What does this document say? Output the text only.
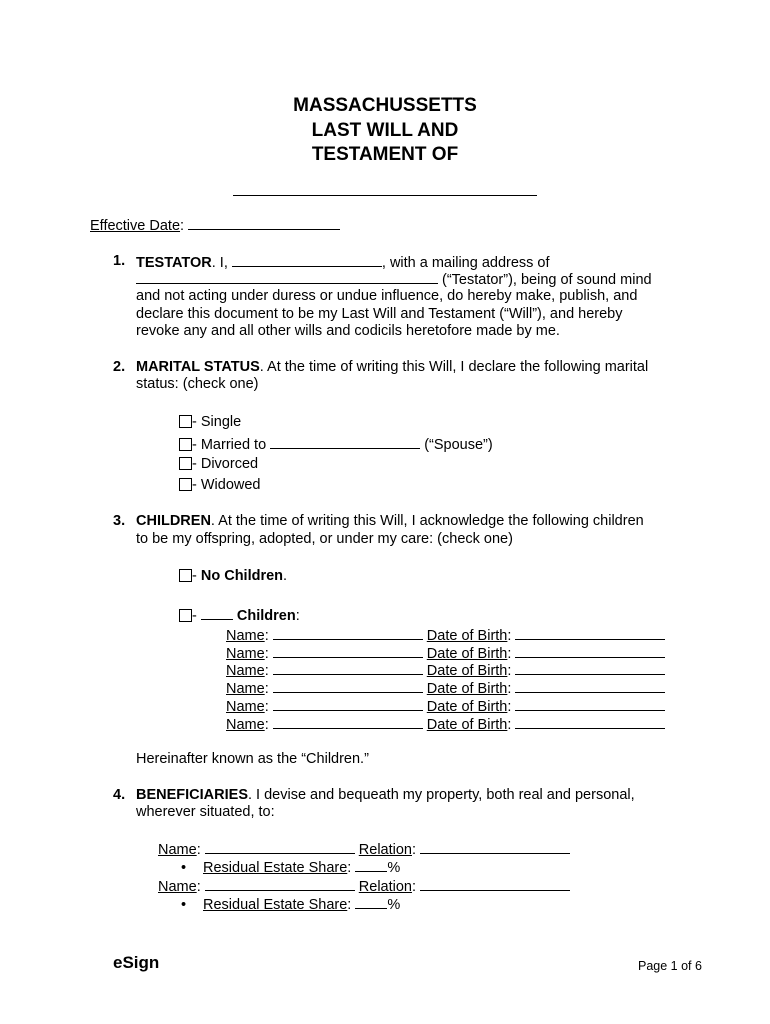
MASSACHUSSETTS
LAST WILL AND
TESTAMENT OF
Effective Date:
1. TESTATOR. I,	, with a mailing address of
(“Testator”), being of sound mind
and not acting under duress or undue influence, do hereby make, publish, and
declare this document to be my Last Will and Testament (“Will”), and hereby
revoke any and all other wills and codicils heretofore made by me.
2. MARITAL STATUS. At the time of writing this Will, I declare the following marital
status: (check one)
- Single
- Married to	(“Spouse”)
- Divorced
- Widowed
3. CHILDREN. At the time of writing this Will, I acknowledge the following children
to be my offspring, adopted, or under my care: (check one)
- No Children.
-  Children:
Name:	Date of Birth:
Name:	Date of Birth:
Name:	Date of Birth:
Name:	Date of Birth:
Name:	Date of Birth:
Name:	Date of Birth:
Hereinafter known as the “Children.”
4. BENEFICIARIES. I devise and bequeath my property, both real and personal,
wherever situated, to:
Name:	Relation:
• Residual Estate Share: %
Name:	Relation:
• Residual Estate Share: %
eSign	Page 1 of 6
